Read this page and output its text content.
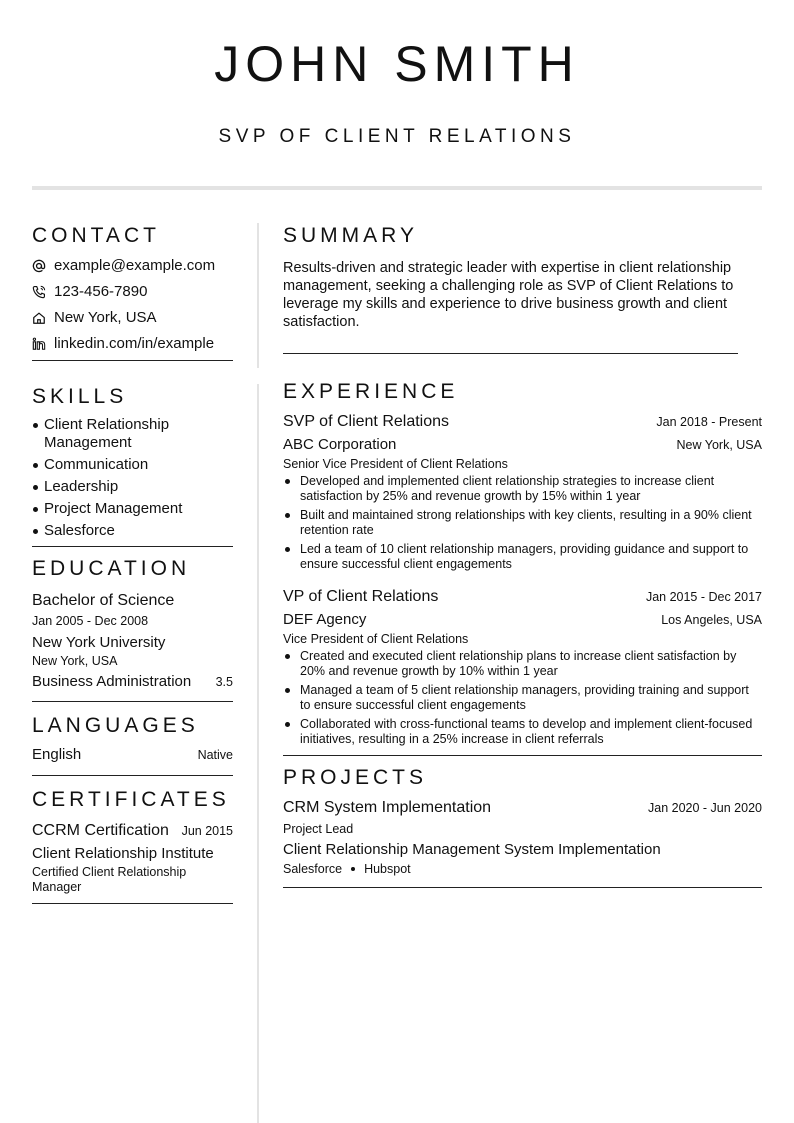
JOHN SMITH
SVP OF CLIENT RELATIONS
CONTACT
example@example.com
123-456-7890
New York, USA
linkedin.com/in/example
SKILLS
Client Relationship Management
Communication
Leadership
Project Management
Salesforce
EDUCATION
Bachelor of Science
Jan 2005 - Dec 2008
New York University
New York, USA
Business Administration 3.5
LANGUAGES
English	Native
CERTIFICATES
CCRM Certification Jun 2015
Client Relationship Institute
Certified Client Relationship Manager
SUMMARY
Results-driven and strategic leader with expertise in client relationship management, seeking a challenging role as SVP of Client Relations to leverage my skills and experience to drive business growth and client satisfaction.
EXPERIENCE
SVP of Client Relations	Jan 2018 - Present
ABC Corporation	New York, USA
Senior Vice President of Client Relations
Developed and implemented client relationship strategies to increase client satisfaction by 25% and revenue growth by 15% within 1 year
Built and maintained strong relationships with key clients, resulting in a 90% client retention rate
Led a team of 10 client relationship managers, providing guidance and support to ensure successful client engagements
VP of Client Relations	Jan 2015 - Dec 2017
DEF Agency	Los Angeles, USA
Vice President of Client Relations
Created and executed client relationship plans to increase client satisfaction by 20% and revenue growth by 10% within 1 year
Managed a team of 5 client relationship managers, providing training and support to ensure successful client engagements
Collaborated with cross-functional teams to develop and implement client-focused initiatives, resulting in a 25% increase in client referrals
PROJECTS
CRM System Implementation	Jan 2020 - Jun 2020
Project Lead
Client Relationship Management System Implementation
Salesforce Hubspot
